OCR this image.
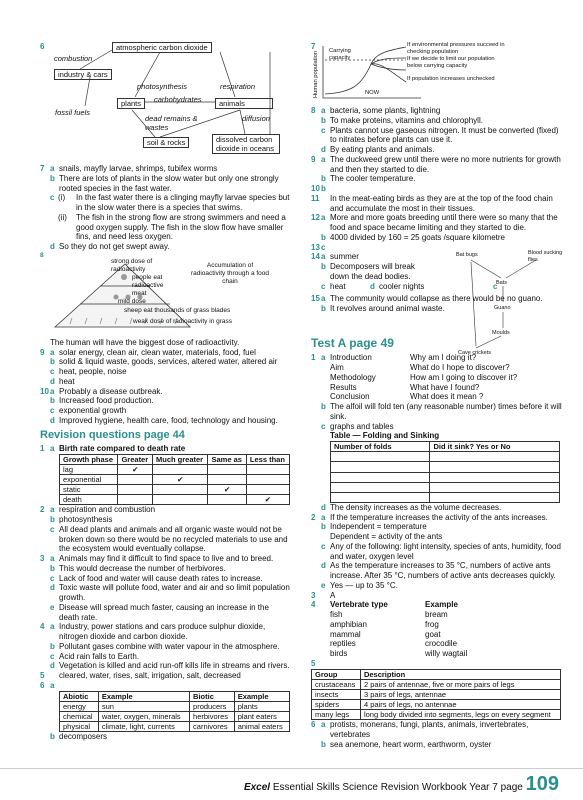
6	atmospheric carbon dioxide
combustion
industry & cars
fossil fuels
photosynthesis	respiration
plants	carbohydrates	animals
dead remains & wastes
diffusion
soil & rocks	dissolved carbon dioxide in oceans
7 a snails, mayfly larvae, shrimps, tubifex worms
b There are lots of plants in the slow water but only one strongly rooted species in the fast water.
c (i)	In the fast water there is a clinging mayfly larvae species but in the slow water there is a species that swims.
(ii)	The fish in the strong flow are strong swimmers and need a good oxygen supply. The fish in the slow flow have smaller fins, and need less oxygen.
d So they do not get swept away.
8
strong dose of radioactivity
people eat radioactive meat
Accumulation of radioactivity through a food chain
mild dose
sheep eat thousands of grass blades
weak dose of radioactivity in grass
The human will have the biggest dose of radioactivity.
9 a solar energy, clean air, clean water, materials, food, fuel
b solid & liquid waste, goods, services, altered water, altered air
c heat, people, noise
d heat
10 a Probably a disease outbreak.
b Increased food production.
c exponential growth
d Improved hygiene, health care, food, technology and housing.
Revision questions page 44
1 a Birth rate compared to death rate
Growth phase	Greater	Much greater	Same as	Less than
lag	✔			
exponential		✔		
static			✔	
death				✔
2 a respiration and combustion
b photosynthesis
c All dead plants and animals and all organic waste would not be broken down so there would be no recycled materials to use and the ecosystem would eventually collapse.
3 a Animals may find it difficult to find space to live and to breed.
b This would decrease the number of herbivores.
c Lack of food and water will cause death rates to increase.
d Toxic waste will pollute food, water and air and so limit population growth.
e Disease will spread much faster, causing an increase in the death rate.
4 a Industry, power stations and cars produce sulphur dioxide, nitrogen dioxide and carbon dioxide.
b Pollutant gases combine with water vapour in the atmosphere.
c Acid rain falls to Earth.
d Vegetation is killed and acid run-off kills life in streams and rivers.
5	cleared, water, rises, salt, irrigation, salt, decreased
6 a
Abiotic	Example	Biotic	Example
energy	sun	producers	plants
chemical	water, oxygen, minerals	herbivores	plant eaters
physical	climate, light, currents	carnivores	animal eaters
b decomposers
7
Human population Carrying capacity
NOW
If environmental pressures succeed in checking population
If we decide to limit our population below carrying capacity
If population increases unchecked
8 a bacteria, some plants, lightning
b To make proteins, vitamins and chlorophyll.
c Plants cannot use gaseous nitrogen. It must be converted (fixed) to nitrates before plants can use it.
d By eating plants and animals.
9 a The duckweed grew until there were no more nutrients for growth and then they started to die.
b The cooler temperature.
10 b
11 In the meat-eating birds as they are at the top of the food chain and accumulate the most in their tissues.
12 a More and more goats breeding until there were so many that the food and space became limiting and they started to die.
b 4000 divided by 160 = 25 goats /square kilometre
13 c
14 a summer
b Decomposers will break down the dead bodies.
c heat	d cooler nights	c
Bat bugs	Blood sucking flies
Bats
Guano
Moulds
Cave crickets
15 a The community would collapse as there would be no guano.
b It revolves around animal waste.
Test A page 49
1 a Introduction	Why am I doing it?
Aim	What do I hope to discover?
Methodology	How am I going to discover it?
Results	What have I found?
Conclusion	What does it mean ?
b The alfoil will fold ten (any reasonable number) times before it will sink.
c graphs and tables
Table — Folding and Sinking
Number of folds	Did it sink? Yes or No

d The density increases as the volume decreases.
2 a If the temperature increases the activity of the ants increases.
b Independent = temperature
Dependent = activity of the ants
c Any of the following: light intensity, species of ants, humidity, food and water, oxygen level
d As the temperature increases to 35 °C, numbers of active ants increase. After 35 °C, numbers of active ants decreases quickly.
e Yes — up to 35 °C.
3	A
4	Vertebrate type	Example
fish	bream
amphibian	frog
mammal	goat
reptiles	crocodile
birds	willy wagtail
5
Group	Description
crustaceans	2 pairs of antennae, five or more pairs of legs
insects	3 pairs of legs, antennae
spiders	4 pairs of legs, no antennae
many legs	long body divided into segments, legs on every segment
6 a protists, monerans, fungi, plants, animals, invertebrates, vertebrates
b sea anemone, heart worm, earthworm, oyster
Excel Essential Skills Science Revision Workbook Year 7 page 109
